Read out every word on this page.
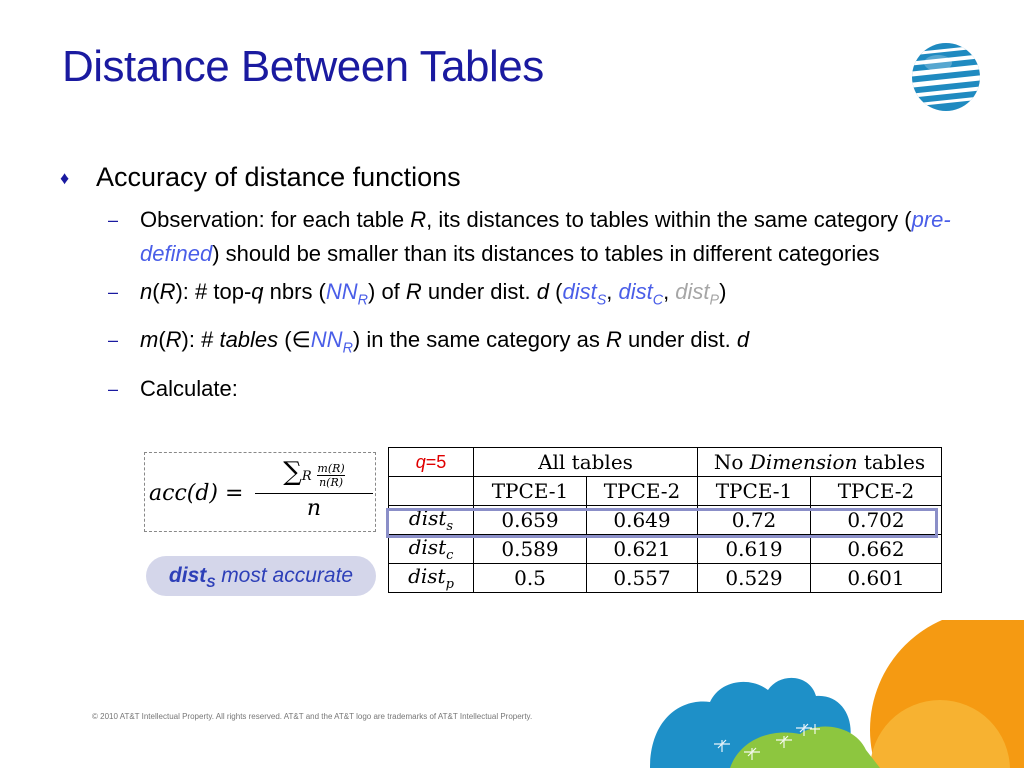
Distance Between Tables
♦ Accuracy of distance functions
– Observation: for each table R, its distances to tables within the same category (pre-defined) should be smaller than its distances to tables in different categories
– n(R): # top-q nbrs $(NN_R)$ of R under dist. d (dist$_S$, dist$_C$, dist$_P$)
– m(R): # tables $(\in NN_R)$ in the same category as R under dist. d
– Calculate:
acc(d) =
$\sum R \frac{m(R)}{n(R)}$
n
dist$_S$ most accurate
q=5	All tables		No Dimension tables	
	TPCE-1	TPCE-2	TPCE-1	TPCE-2
dist$_s$	0.659	0.649	0.72	0.702
dist$_c$	0.589	0.621	0.619	0.662
dist$_p$	0.5	0.557	0.529	0.601
© 2010 AT&T Intellectual Property. All rights reserved. AT&T and the AT&T logo are trademarks of AT&T Intellectual Property.
